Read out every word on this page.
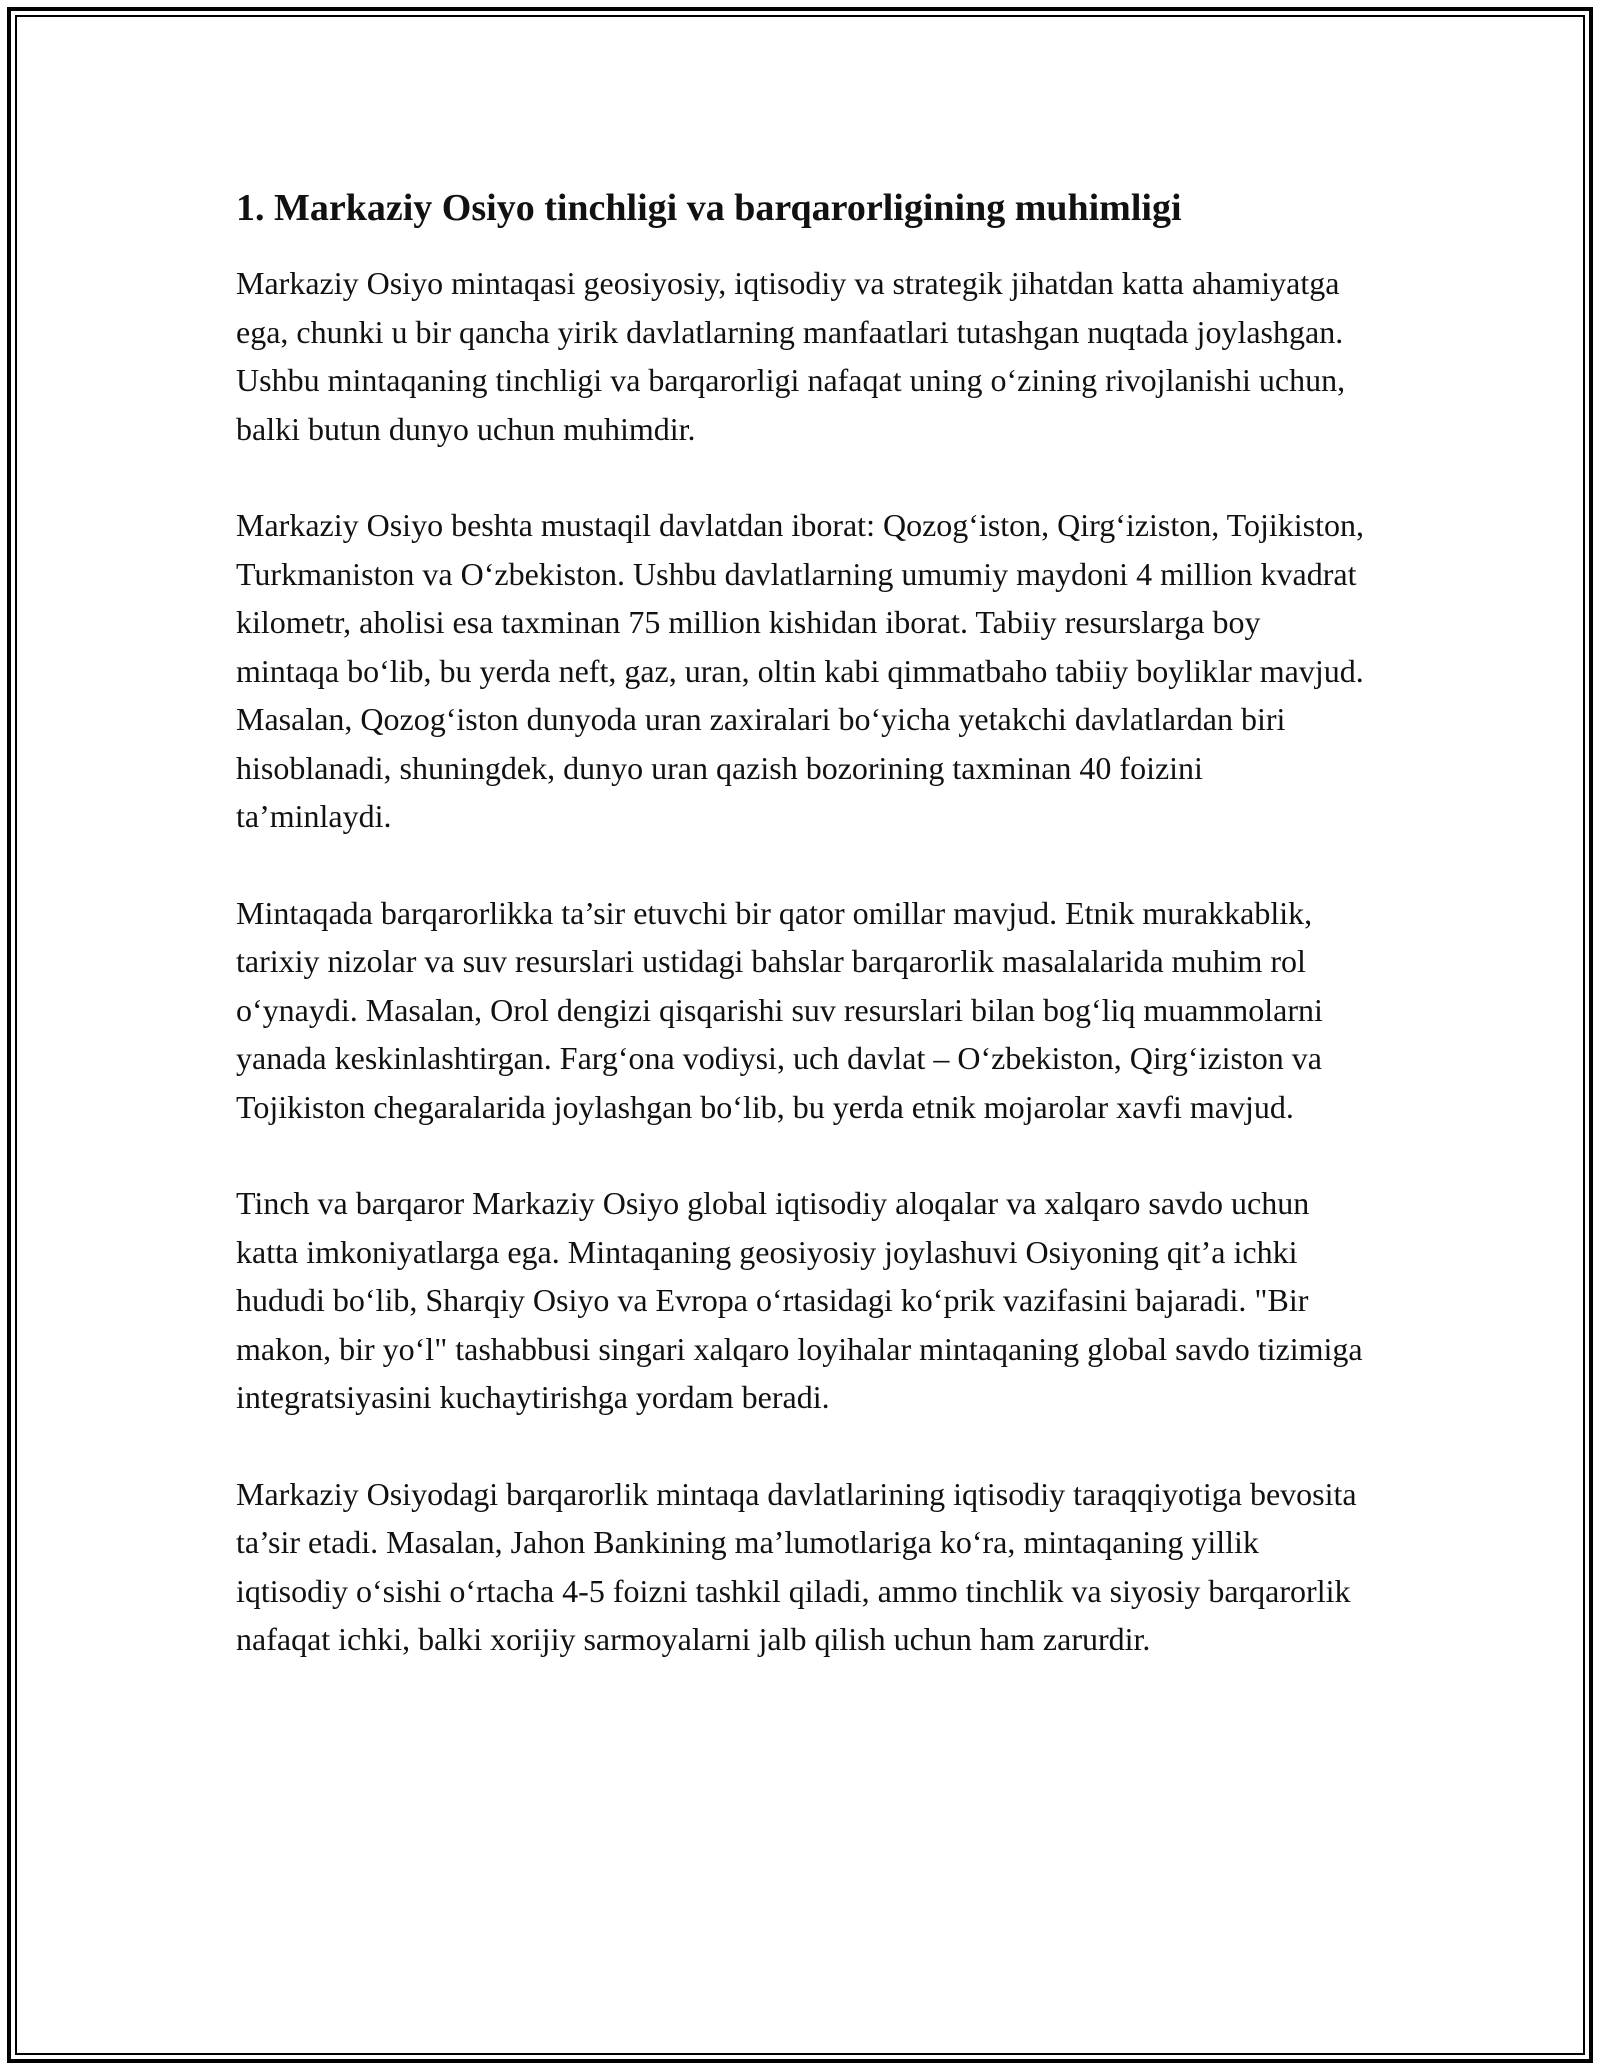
1. Markaziy Osiyo tinchligi va barqarorligining muhimligi

Markaziy Osiyo mintaqasi geosiyosiy, iqtisodiy va strategik jihatdan katta ahamiyatga ega, chunki u bir qancha yirik davlatlarning manfaatlari tutashgan nuqtada joylashgan. Ushbu mintaqaning tinchligi va barqarorligi nafaqat uning o‘zining rivojlanishi uchun, balki butun dunyo uchun muhimdir.

Markaziy Osiyo beshta mustaqil davlatdan iborat: Qozog‘iston, Qirg‘iziston, Tojikiston, Turkmaniston va O‘zbekiston. Ushbu davlatlarning umumiy maydoni 4 million kvadrat kilometr, aholisi esa taxminan 75 million kishidan iborat. Tabiiy resurslarga boy mintaqa bo‘lib, bu yerda neft, gaz, uran, oltin kabi qimmatbaho tabiiy boyliklar mavjud. Masalan, Qozog‘iston dunyoda uran zaxiralari bo‘yicha yetakchi davlatlardan biri hisoblanadi, shuningdek, dunyo uran qazish bozorining taxminan 40 foizini ta’minlaydi.

Mintaqada barqarorlikka ta’sir etuvchi bir qator omillar mavjud. Etnik murakkablik, tarixiy nizolar va suv resurslari ustidagi bahslar barqarorlik masalalarida muhim rol o‘ynaydi. Masalan, Orol dengizi qisqarishi suv resurslari bilan bog‘liq muammolarni yanada keskinlashtirgan. Farg‘ona vodiysi, uch davlat – O‘zbekiston, Qirg‘iziston va Tojikiston chegaralarida joylashgan bo‘lib, bu yerda etnik mojarolar xavfi mavjud.

Tinch va barqaror Markaziy Osiyo global iqtisodiy aloqalar va xalqaro savdo uchun katta imkoniyatlarga ega. Mintaqaning geosiyosiy joylashuvi Osiyoning qit’a ichki hududi bo‘lib, Sharqiy Osiyo va Evropa o‘rtasidagi ko‘prik vazifasini bajaradi. "Bir makon, bir yo‘l" tashabbusi singari xalqaro loyihalar mintaqaning global savdo tizimiga integratsiyasini kuchaytirishga yordam beradi.

Markaziy Osiyodagi barqarorlik mintaqa davlatlarining iqtisodiy taraqqiyotiga bevosita ta’sir etadi. Masalan, Jahon Bankining ma’lumotlariga ko‘ra, mintaqaning yillik iqtisodiy o‘sishi o‘rtacha 4-5 foizni tashkil qiladi, ammo tinchlik va siyosiy barqarorlik nafaqat ichki, balki xorijiy sarmoyalarni jalb qilish uchun ham zarurdir.
